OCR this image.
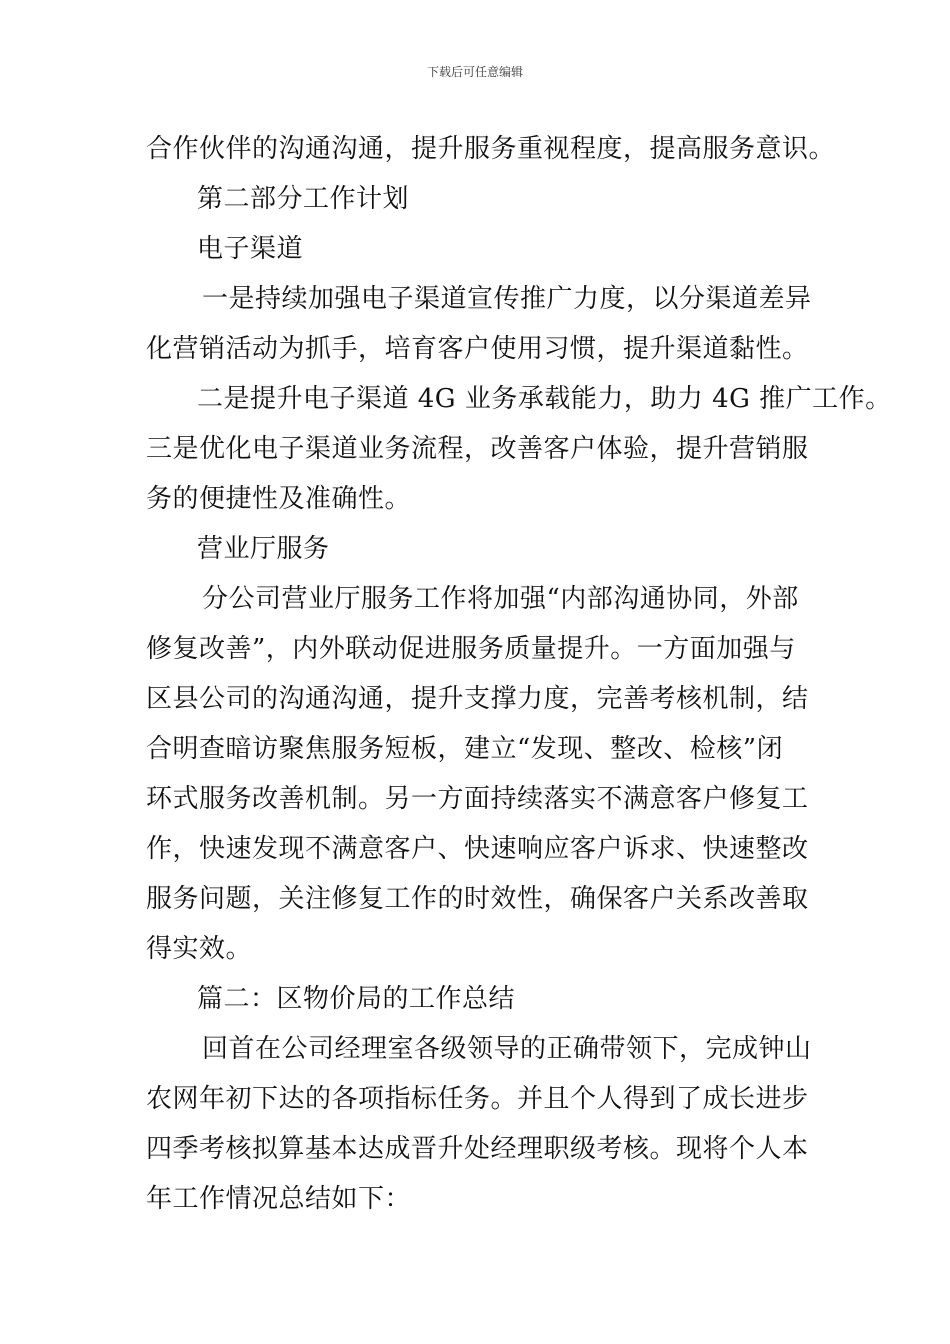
下载后可任意编辑
合作伙伴的沟通沟通，提升服务重视程度，提高服务意识。
第二部分工作计划
电子渠道
一是持续加强电子渠道宣传推广力度，以分渠道差异
化营销活动为抓手，培育客户使用习惯，提升渠道黏性。
二是提升电子渠道 4G 业务承载能力，助力 4G 推广工作。
三是优化电子渠道业务流程，改善客户体验，提升营销服
务的便捷性及准确性。
营业厅服务
分公司营业厅服务工作将加强“内部沟通协同，外部
修复改善”，内外联动促进服务质量提升。一方面加强与
区县公司的沟通沟通，提升支撑力度，完善考核机制，结
合明查暗访聚焦服务短板，建立“发现、整改、检核”闭
环式服务改善机制。另一方面持续落实不满意客户修复工
作，快速发现不满意客户、快速响应客户诉求、快速整改
服务问题，关注修复工作的时效性，确保客户关系改善取
得实效。
篇二：区物价局的工作总结
回首在公司经理室各级领导的正确带领下，完成钟山
农网年初下达的各项指标任务。并且个人得到了成长进步
四季考核拟算基本达成晋升处经理职级考核。现将个人本
年工作情况总结如下：
